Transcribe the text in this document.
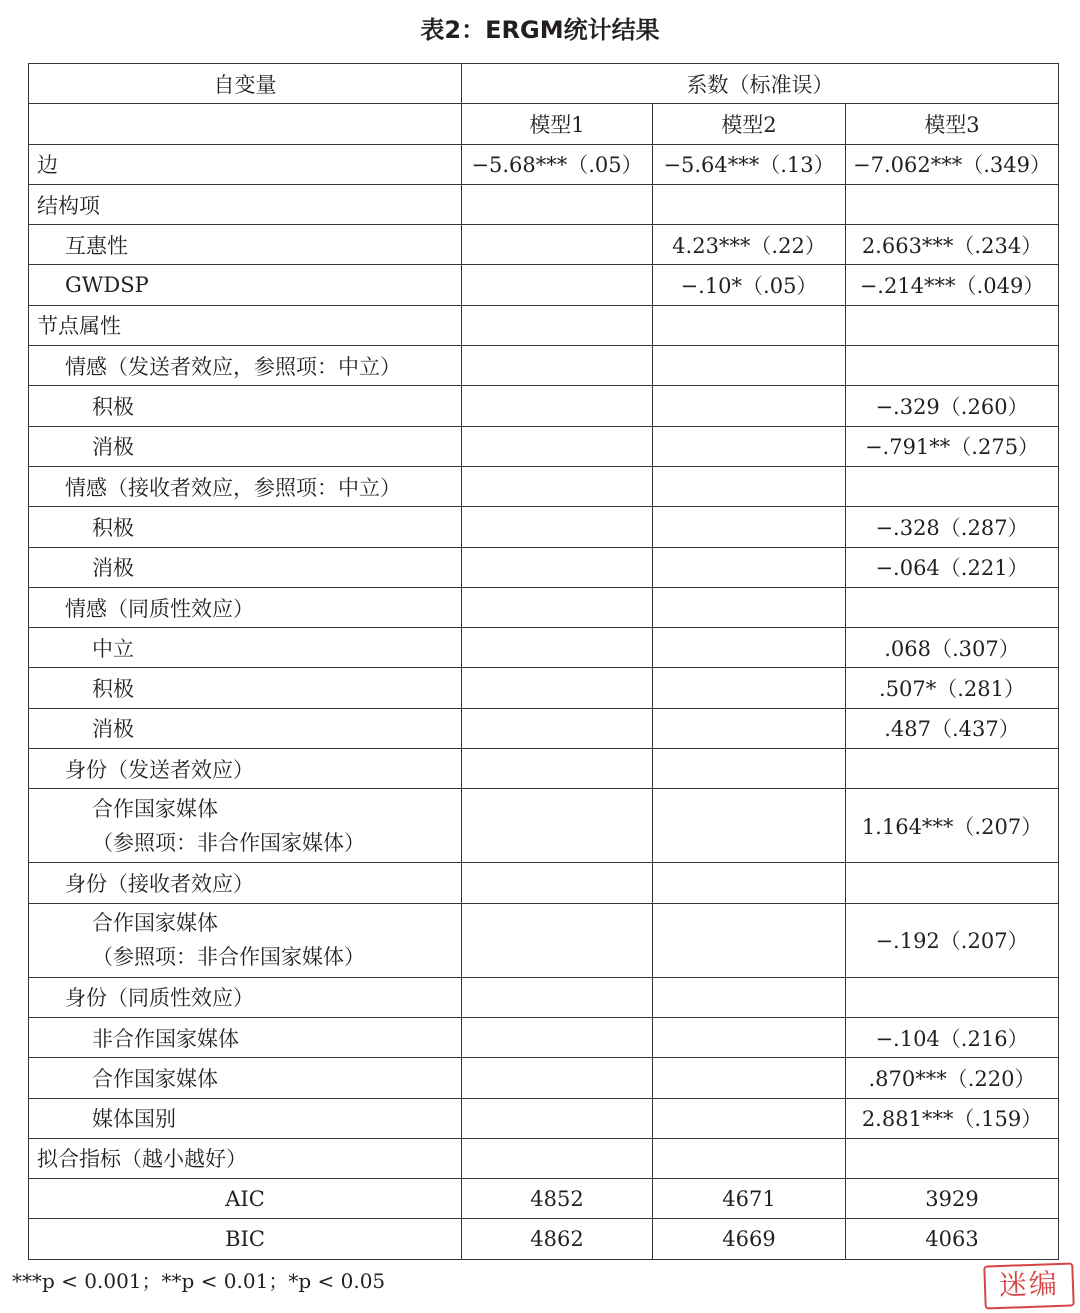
表2：ERGM统计结果
自变量	系数（标准误）		
	模型1	模型2	模型3
边	−5.68***（.05）	−5.64***（.13）	−7.062***（.349）
结构项			
互惠性		4.23***（.22）	2.663***（.234）
GWDSP		−.10*（.05）	−.214***（.049）
节点属性			
情感（发送者效应，参照项：中立）			
积极			−.329（.260）
消极			−.791**（.275）
情感（接收者效应，参照项：中立）			
积极			−.328（.287）
消极			−.064（.221）
情感（同质性效应）			
中立			.068（.307）
积极			.507*（.281）
消极			.487（.437）
身份（发送者效应）			

合作国家媒体
（参照项：非合作国家媒体）			1.164***（.207）
身份（接收者效应）			

合作国家媒体
（参照项：非合作国家媒体）			−.192（.207）
身份（同质性效应）			
非合作国家媒体			−.104（.216）
合作国家媒体			.870***（.220）
媒体国别			2.881***（.159）
拟合指标（越小越好）			
AIC	4852	4671	3929
BIC	4862	4669	4063
***p < 0.001；**p < 0.01；*p < 0.05	迷编
